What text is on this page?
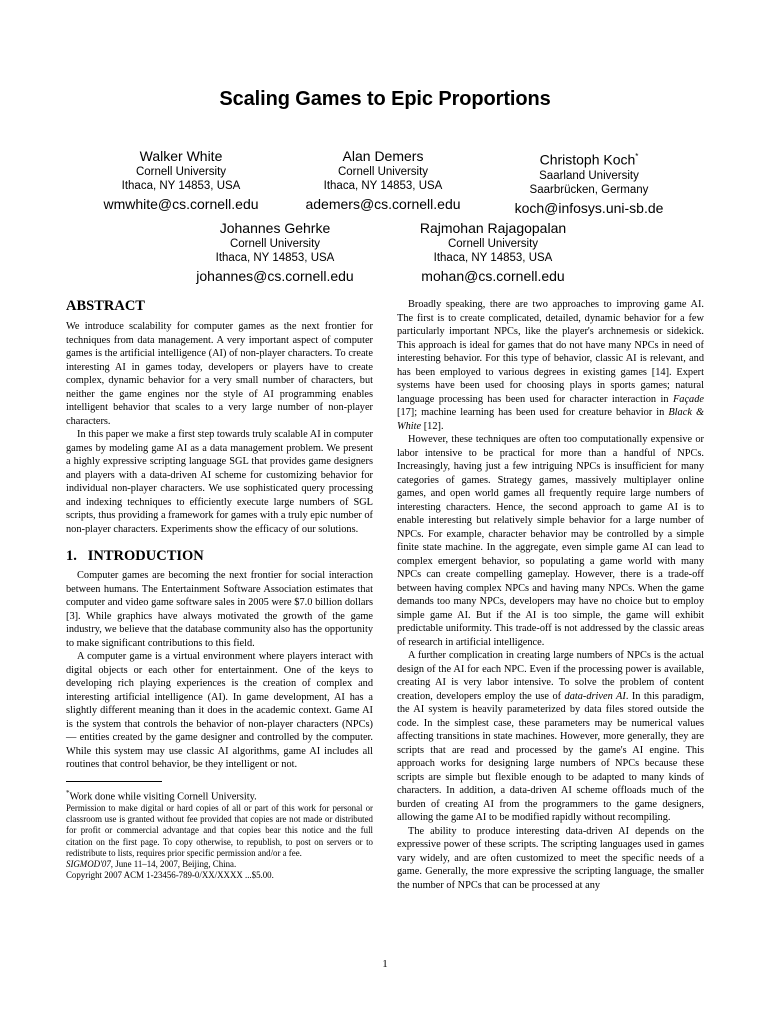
Scaling Games to Epic Proportions
Walker White
Cornell University
Ithaca, NY 14853, USA
wmwhite@cs.cornell.edu
Alan Demers
Cornell University
Ithaca, NY 14853, USA
ademers@cs.cornell.edu
Christoph Koch*
Saarland University
Saarbrücken, Germany
koch@infosys.uni-sb.de
Johannes Gehrke
Cornell University
Ithaca, NY 14853, USA
johannes@cs.cornell.edu
Rajmohan Rajagopalan
Cornell University
Ithaca, NY 14853, USA
mohan@cs.cornell.edu
ABSTRACT

We introduce scalability for computer games as the next frontier for techniques from data management. A very important aspect of computer games is the artificial intelligence (AI) of non-player characters. To create interesting AI in games today, developers or players have to create complex, dynamic behavior for a very small number of characters, but neither the game engines nor the style of AI programming enables intelligent behavior that scales to a very large number of non-player characters.

In this paper we make a first step towards truly scalable AI in computer games by modeling game AI as a data management problem. We present a highly expressive scripting language SGL that provides game designers and players with a data-driven AI scheme for customizing behavior for individual non-player characters. We use sophisticated query processing and indexing techniques to efficiently execute large numbers of SGL scripts, thus providing a framework for games with a truly epic number of non-player characters. Experiments show the efficacy of our solutions.

1.   INTRODUCTION

Computer games are becoming the next frontier for social interaction between humans. The Entertainment Software Association estimates that computer and video game software sales in 2005 were $7.0 billion dollars [3]. While graphics have always motivated the growth of the game industry, we believe that the database community also has the opportunity to make significant contributions to this field.

A computer game is a virtual environment where players interact with digital objects or each other for entertainment. One of the keys to developing rich playing experiences is the creation of complex and interesting artificial intelligence (AI). In game development, AI has a slightly different meaning than it does in the academic context. Game AI is the system that controls the behavior of non-player characters (NPCs) — entities created by the game designer and controlled by the computer. While this system may use classic AI algorithms, game AI includes all routines that control behavior, be they intelligent or not.

*Work done while visiting Cornell University.

Permission to make digital or hard copies of all or part of this work for personal or classroom use is granted without fee provided that copies are not made or distributed for profit or commercial advantage and that copies bear this notice and the full citation on the first page. To copy otherwise, to republish, to post on servers or to redistribute to lists, requires prior specific permission and/or a fee.
SIGMOD'07, June 11–14, 2007, Beijing, China.
Copyright 2007 ACM 1-23456-789-0/XX/XXXX ...$5.00.

Broadly speaking, there are two approaches to improving game AI. The first is to create complicated, detailed, dynamic behavior for a few particularly important NPCs, like the player's archnemesis or sidekick. This approach is ideal for games that do not have many NPCs in need of interesting behavior. For this type of behavior, classic AI is relevant, and has been employed to various degrees in existing games [14]. Expert systems have been used for choosing plays in sports games; natural language processing has been used for character interaction in Façade [17]; machine learning has been used for creature behavior in Black & White [12].

However, these techniques are often too computationally expensive or labor intensive to be practical for more than a handful of NPCs. Increasingly, having just a few intriguing NPCs is insufficient for many categories of games. Strategy games, massively multiplayer online games, and open world games all frequently require large numbers of interesting characters. Hence, the second approach to game AI is to enable interesting but relatively simple behavior for a large number of NPCs. For example, character behavior may be controlled by a simple finite state machine. In the aggregate, even simple game AI can lead to complex emergent behavior, so populating a game world with many NPCs can create compelling gameplay. However, there is a trade-off between having complex NPCs and having many NPCs. When the game demands too many NPCs, developers may have no choice but to employ simple game AI. But if the AI is too simple, the game will exhibit predictable uniformity. This trade-off is not addressed by the classic areas of research in artificial intelligence.

A further complication in creating large numbers of NPCs is the actual design of the AI for each NPC. Even if the processing power is available, creating AI is very labor intensive. To solve the problem of content creation, developers employ the use of data-driven AI. In this paradigm, the AI system is heavily parameterized by data files stored outside the code. In the simplest case, these parameters may be numerical values affecting transitions in state machines. However, more generally, they are scripts that are read and processed by the game's AI engine. This approach works for designing large numbers of NPCs because these scripts are simple but flexible enough to be adapted to many kinds of characters. In addition, a data-driven AI scheme offloads much of the burden of creating AI from the programmers to the game designers, allowing the game AI to be modified rapidly without recompiling.

The ability to produce interesting data-driven AI depends on the expressive power of these scripts. The scripting languages used in games vary widely, and are often customized to meet the specific needs of a game. Generally, the more expressive the scripting language, the smaller the number of NPCs that can be processed at any

1
